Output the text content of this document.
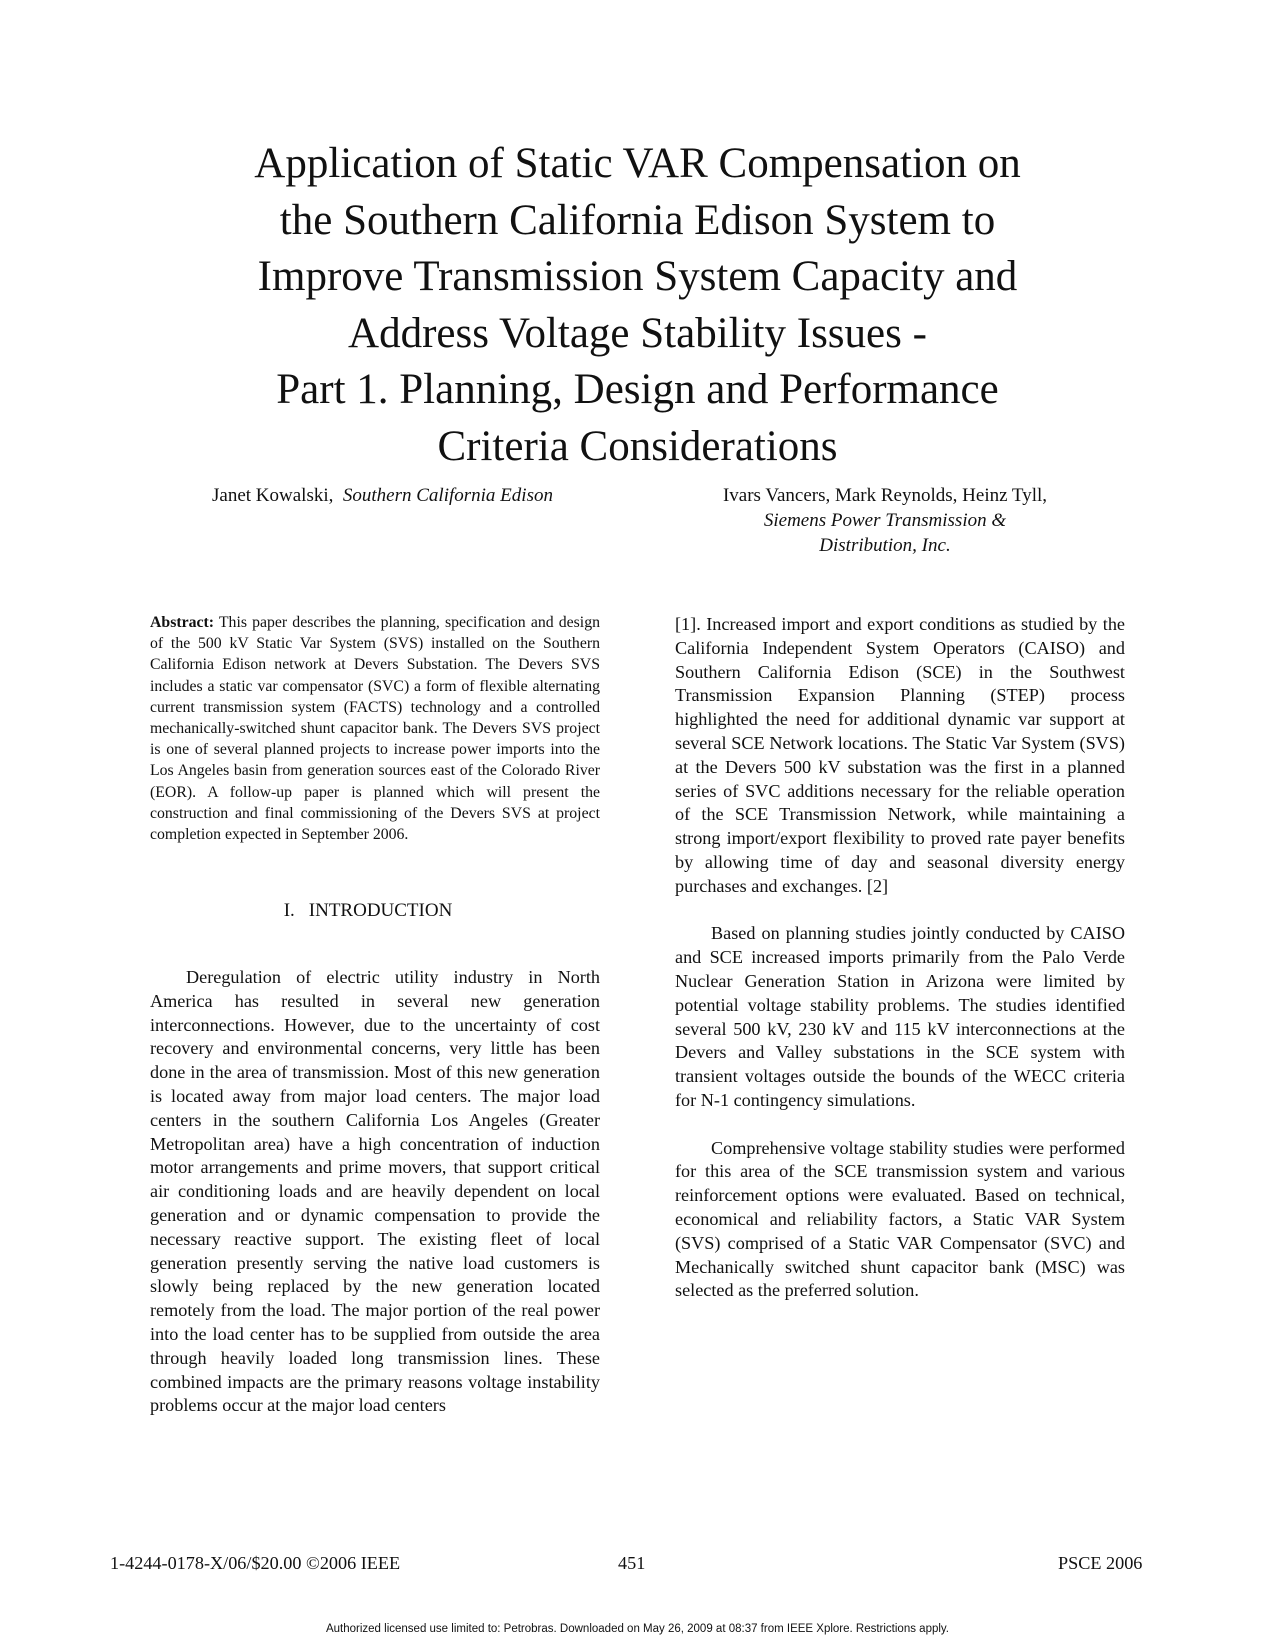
Application of Static VAR Compensation on
the Southern California Edison System to
Improve Transmission System Capacity and
Address Voltage Stability Issues -
Part 1. Planning, Design and Performance
Criteria Considerations
Janet Kowalski, Southern California Edison	Ivars Vancers, Mark Reynolds, Heinz Tyll,
Siemens Power Transmission &
Distribution, Inc.
Abstract: This paper describes the planning, specification and design of the 500 kV Static Var System (SVS) installed on the Southern California Edison network at Devers Substation. The Devers SVS includes a static var compensator (SVC) a form of flexible alternating current transmission system (FACTS) technology and a controlled mechanically-switched shunt capacitor bank. The Devers SVS project is one of several planned projects to increase power imports into the Los Angeles basin from generation sources east of the Colorado River (EOR). A follow-up paper is planned which will present the construction and final commissioning of the Devers SVS at project completion expected in September 2006.
I. INTRODUCTION

Deregulation of electric utility industry in North America has resulted in several new generation interconnections. However, due to the uncertainty of cost recovery and environmental concerns, very little has been done in the area of transmission. Most of this new generation is located away from major load centers. The major load centers in the southern California Los Angeles (Greater Metropolitan area) have a high concentration of induction motor arrangements and prime movers, that support critical air conditioning loads and are heavily dependent on local generation and or dynamic compensation to provide the necessary reactive support. The existing fleet of local generation presently serving the native load customers is slowly being replaced by the new generation located remotely from the load. The major portion of the real power into the load center has to be supplied from outside the area through heavily loaded long transmission lines. These combined impacts are the primary reasons voltage instability problems occur at the major load centers

[1]. Increased import and export conditions as studied by the California Independent System Operators (CAISO) and Southern California Edison (SCE) in the Southwest Transmission Expansion Planning (STEP) process highlighted the need for additional dynamic var support at several SCE Network locations. The Static Var System (SVS) at the Devers 500 kV substation was the first in a planned series of SVC additions necessary for the reliable operation of the SCE Transmission Network, while maintaining a strong import/export flexibility to proved rate payer benefits by allowing time of day and seasonal diversity energy purchases and exchanges. [2]

Based on planning studies jointly conducted by CAISO and SCE increased imports primarily from the Palo Verde Nuclear Generation Station in Arizona were limited by potential voltage stability problems. The studies identified several 500 kV, 230 kV and 115 kV interconnections at the Devers and Valley substations in the SCE system with transient voltages outside the bounds of the WECC criteria for N-1 contingency simulations.

Comprehensive voltage stability studies were performed for this area of the SCE transmission system and various reinforcement options were evaluated. Based on technical, economical and reliability factors, a Static VAR System (SVS) comprised of a Static VAR Compensator (SVC) and Mechanically switched shunt capacitor bank (MSC) was selected as the preferred solution.

1-4244-0178-X/06/$20.00 ©2006 IEEE	451	PSCE 2006
Authorized licensed use limited to: Petrobras. Downloaded on May 26, 2009 at 08:37 from IEEE Xplore. Restrictions apply.
